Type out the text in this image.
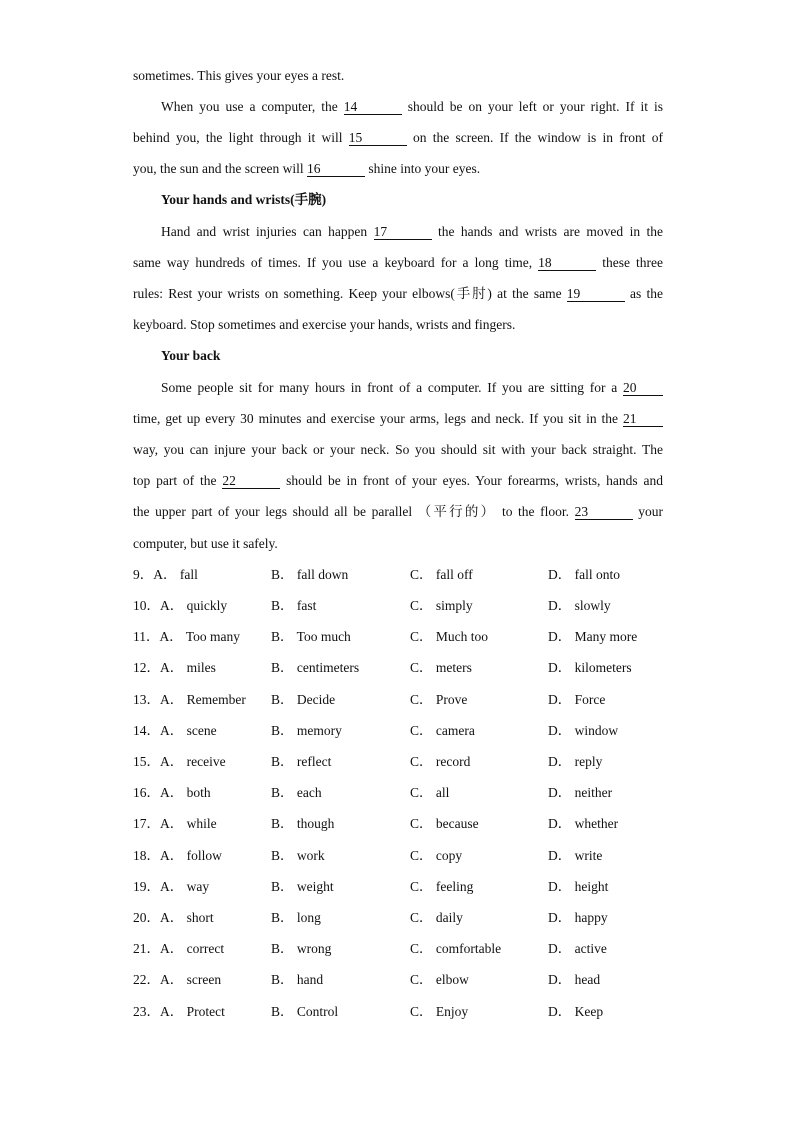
sometimes. This gives your eyes a rest.
When you use a computer, the 14	should be on your left or your right. If it is
behind you, the light through it will 15	on the screen. If the window is in front of
you, the sun and the screen will 16	shine into your eyes.
Your hands and wrists(手腕)
Hand and wrist injuries can happen 17	the hands and wrists are moved in the
same way hundreds of times. If you use a keyboard for a long time, 18	these three
rules: Rest your wrists on something. Keep your elbows(手肘) at the same 19	as the
keyboard. Stop sometimes and exercise your hands, wrists and fingers.
Your back
Some people sit for many hours in front of a computer. If you are sitting for a 20
time, get up every 30 minutes and exercise your arms, legs and neck. If you sit in the 21
way, you can injure your back or your neck. So you should sit with your back straight. The
top part of the 22	should be in front of your eyes. Your forearms, wrists, hands and
the upper part of your legs should all be parallel （平行的） to the floor. 23	your
computer, but use it safely.
9．A． fall	B． fall down	C． fall off	D． fall onto
10．A． quickly	B． fast	C． simply	D． slowly
11．A． Too many B． Too much	C． Much too	D． Many more
12．A． miles	B． centimeters	C． meters	D． kilometers
13．A． Remember B． Decide	C． Prove	D． Force
14．A． scene	B． memory	C． camera	D． window
15．A． receive	B． reflect	C． record	D． reply
16．A． both	B． each	C． all	D． neither
17．A． while	B． though	C． because	D． whether
18．A． follow	B． work	C． copy	D． write
19．A． way	B． weight	C． feeling	D． height
20．A． short	B． long	C． daily	D． happy
21．A． correct	B． wrong	C． comfortable	D． active
22．A． screen	B． hand	C． elbow	D． head
23．A． Protect	B． Control	C． Enjoy	D． Keep
